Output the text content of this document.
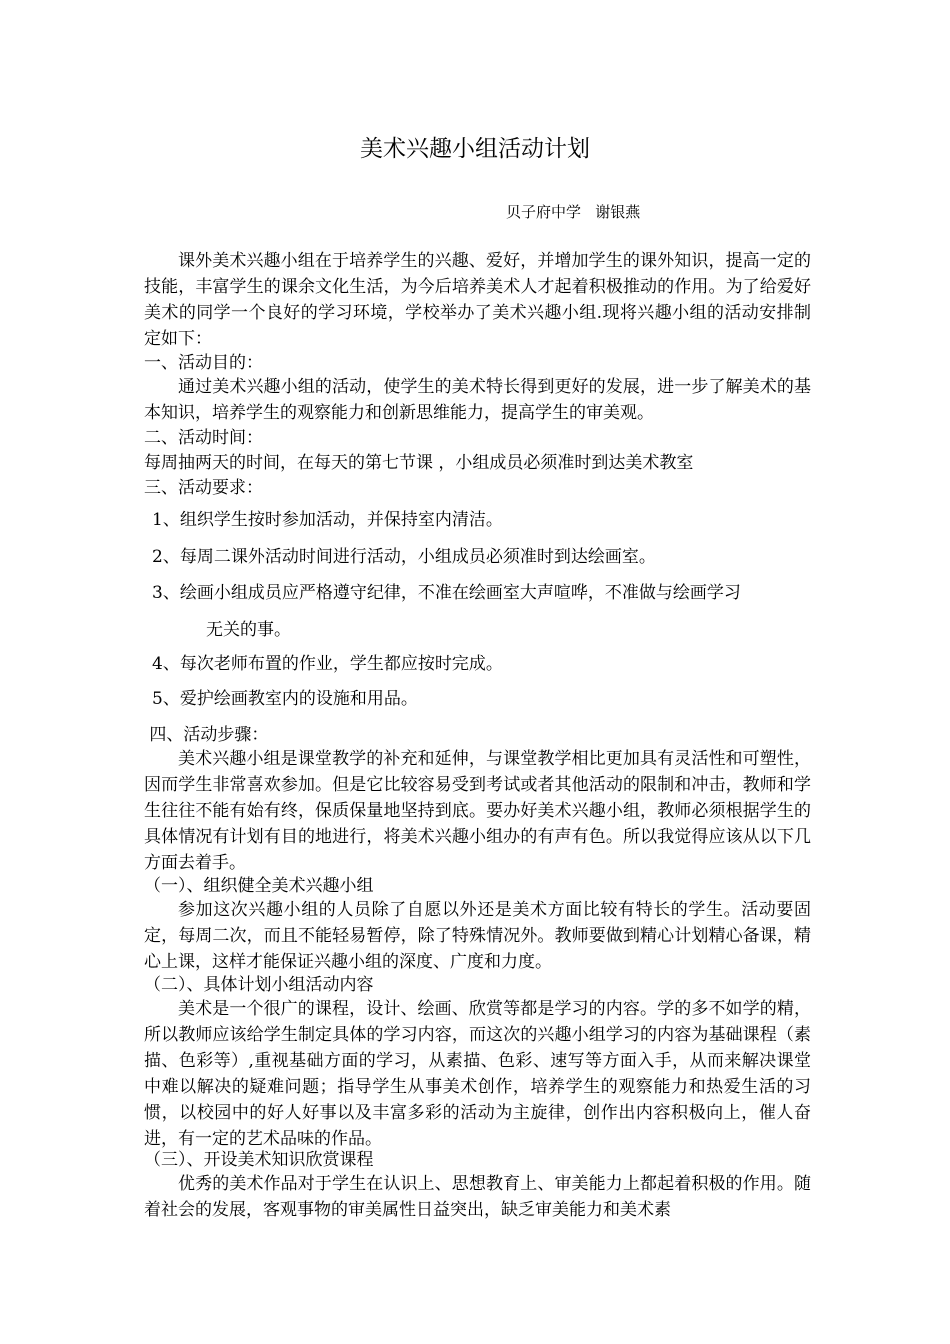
美术兴趣小组活动计划
贝子府中学   谢银燕
课外美术兴趣小组在于培养学生的兴趣、爱好，并增加学生的课外知识，提高一定的技能，丰富学生的课余文化生活，为今后培养美术人才起着积极推动的作用。为了给爱好美术的同学一个良好的学习环境，学校举办了美术兴趣小组.现将兴趣小组的活动安排制定如下：
一、活动目的：
通过美术兴趣小组的活动，使学生的美术特长得到更好的发展，进一步了解美术的基本知识，培养学生的观察能力和创新思维能力，提高学生的审美观。
二、活动时间：
每周抽两天的时间，在每天的第七节课 ，小组成员必须准时到达美术教室
三、活动要求：
1、组织学生按时参加活动，并保持室内清洁。
2、每周二课外活动时间进行活动，小组成员必须准时到达绘画室。
3、绘画小组成员应严格遵守纪律，不准在绘画室大声喧哗，不准做与绘画学习
无关的事。
4、每次老师布置的作业，学生都应按时完成。
5、爱护绘画教室内的设施和用品。
四、活动步骤：
美术兴趣小组是课堂教学的补充和延伸，与课堂教学相比更加具有灵活性和可塑性，因而学生非常喜欢参加。但是它比较容易受到考试或者其他活动的限制和冲击，教师和学生往往不能有始有终，保质保量地坚持到底。要办好美术兴趣小组，教师必须根据学生的具体情况有计划有目的地进行，将美术兴趣小组办的有声有色。所以我觉得应该从以下几方面去着手。
（一）、组织健全美术兴趣小组
参加这次兴趣小组的人员除了自愿以外还是美术方面比较有特长的学生。活动要固定，每周二次，而且不能轻易暂停，除了特殊情况外。教师要做到精心计划精心备课，精心上课，这样才能保证兴趣小组的深度、广度和力度。
（二）、具体计划小组活动内容
美术是一个很广的课程，设计、绘画、欣赏等都是学习的内容。学的多不如学的精，所以教师应该给学生制定具体的学习内容，而这次的兴趣小组学习的内容为基础课程（素描、色彩等）,重视基础方面的学习，从素描、色彩、速写等方面入手，从而来解决课堂中难以解决的疑难问题；指导学生从事美术创作，培养学生的观察能力和热爱生活的习惯，以校园中的好人好事以及丰富多彩的活动为主旋律，创作出内容积极向上，催人奋进，有一定的艺术品味的作品。
（三）、开设美术知识欣赏课程
优秀的美术作品对于学生在认识上、思想教育上、审美能力上都起着积极的作用。随着社会的发展，客观事物的审美属性日益突出，缺乏审美能力和美术素
